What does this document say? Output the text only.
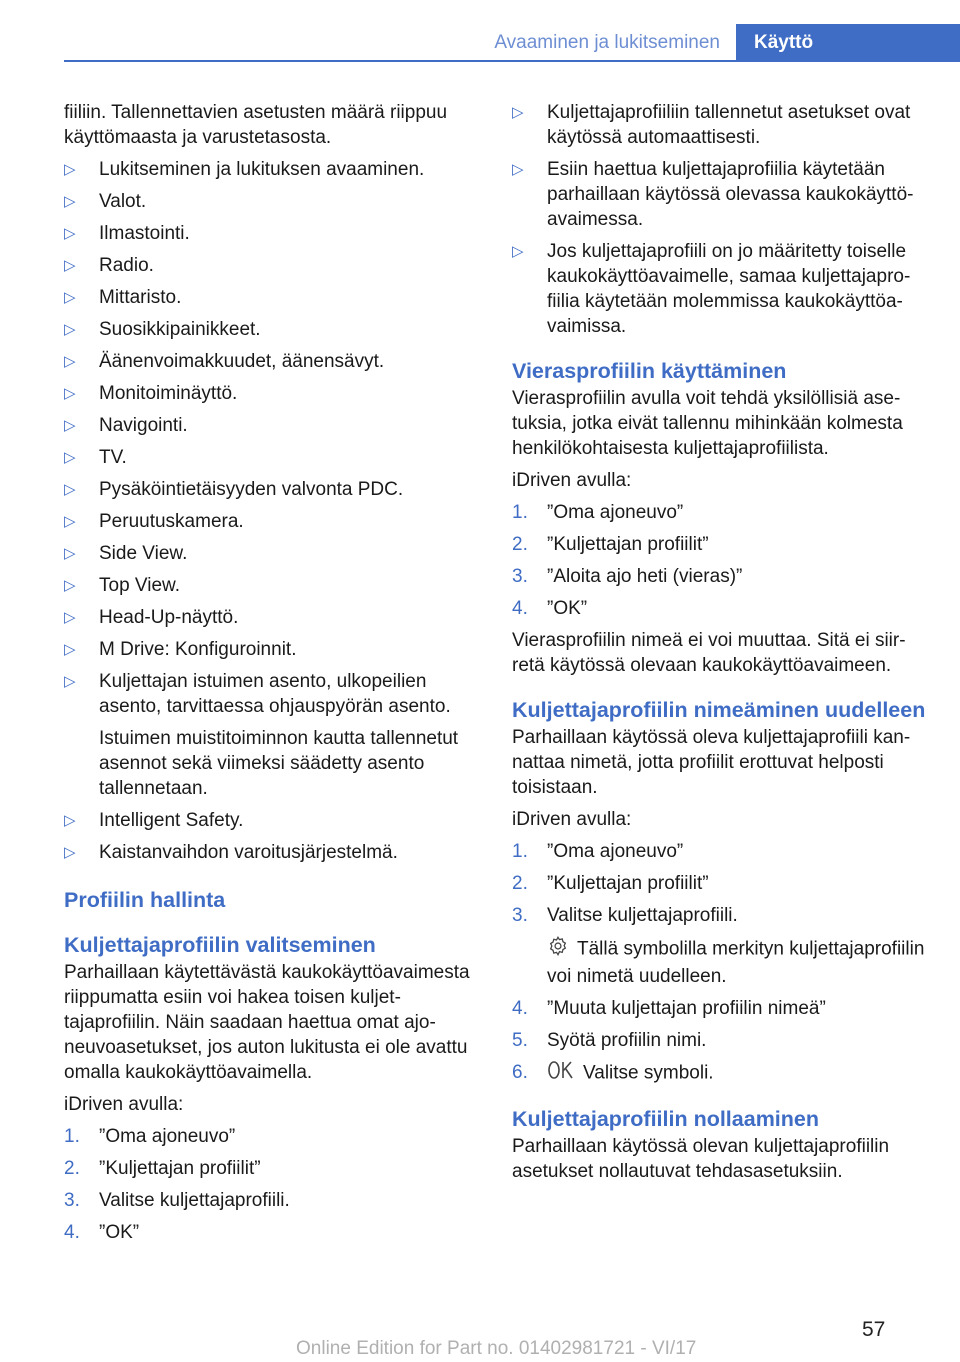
Avaaminen ja lukitseminen Käyttö

fiiliin. Tallennettavien asetusten määrä riippuu käyttömaasta ja varustetasosta.

▷ Lukitseminen ja lukituksen avaaminen.
▷ Valot.
▷ Ilmastointi.
▷ Radio.
▷ Mittaristo.
▷ Suosikkipainikkeet.
▷ Äänenvoimakkuudet, äänensävyt.
▷ Monitoiminäyttö.
▷ Navigointi.
▷ TV.
▷ Pysäköintietäisyyden valvonta PDC.
▷ Peruutuskamera.
▷ Side View.
▷ Top View.
▷ Head-Up-näyttö.
▷ M Drive: Konfiguroinnit.
▷ Kuljettajan istuimen asento, ulkopeilien asento, tarvittaessa ohjauspyörän asento.

Istuimen muistitoiminnon kautta tallennetut asennot sekä viimeksi säädetty asento tallennetaan.

▷ Intelligent Safety.
▷ Kaistanvaihdon varoitusjärjestelmä.
Profiilin hallinta
Kuljettajaprofiilin valitseminen

Parhaillaan käytettävästä kaukokäyttöavaimesta riippumatta esiin voi hakea toisen kuljettajaprofiilin. Näin saadaan haettua omat ajoneuvoasetukset, jos auton lukitusta ei ole avattu omalla kaukokäyttöavaimella.

iDriven avulla:

1. ”Oma ajoneuvo”
2. ”Kuljettajan profiilit”
3. Valitse kuljettajaprofiili.
4. ”OK”
▷ Kuljettajaprofiiliin tallennetut asetukset ovat käytössä automaattisesti.
▷ Esiin haettua kuljettajaprofiilia käytetään parhaillaan käytössä olevassa kaukokäyttöavaimessa.
▷ Jos kuljettajaprofiili on jo määritetty toiselle kaukokäyttöavaimelle, samaa kuljettajaprofiilia käytetään molemmissa kaukokäyttöavaimissa.
Vierasprofiilin käyttäminen

Vierasprofiilin avulla voit tehdä yksilöllisiä asetuksia, jotka eivät tallennu mihinkään kolmesta henkilökohtaisesta kuljettajaprofiilista.

iDriven avulla:

1. ”Oma ajoneuvo”
2. ”Kuljettajan profiilit”
3. ”Aloita ajo heti (vieras)”
4. ”OK”

Vierasprofiilin nimeä ei voi muuttaa. Sitä ei siirretä käytössä olevaan kaukokäyttöavaimeen.

Kuljettajaprofiilin nimeäminen uudelleen

Parhaillaan käytössä oleva kuljettajaprofiili kannattaa nimetä, jotta profiilit erottuvat helposti toisistaan.

iDriven avulla:

1. ”Oma ajoneuvo”
2. ”Kuljettajan profiilit”
3. Valitse kuljettajaprofiili.

Tällä symbolilla merkityn kuljettajaprofiilin voi nimetä uudelleen.

4. ”Muuta kuljettajan profiilin nimeä”
5. Syötä profiilin nimi.
6.	Valitse symboli.
Kuljettajaprofiilin nollaaminen

Parhaillaan käytössä olevan kuljettajaprofiilin asetukset nollautuvat tehdasasetuksiin.

57
Online Edition for Part no. 01402981721 - VI/17
